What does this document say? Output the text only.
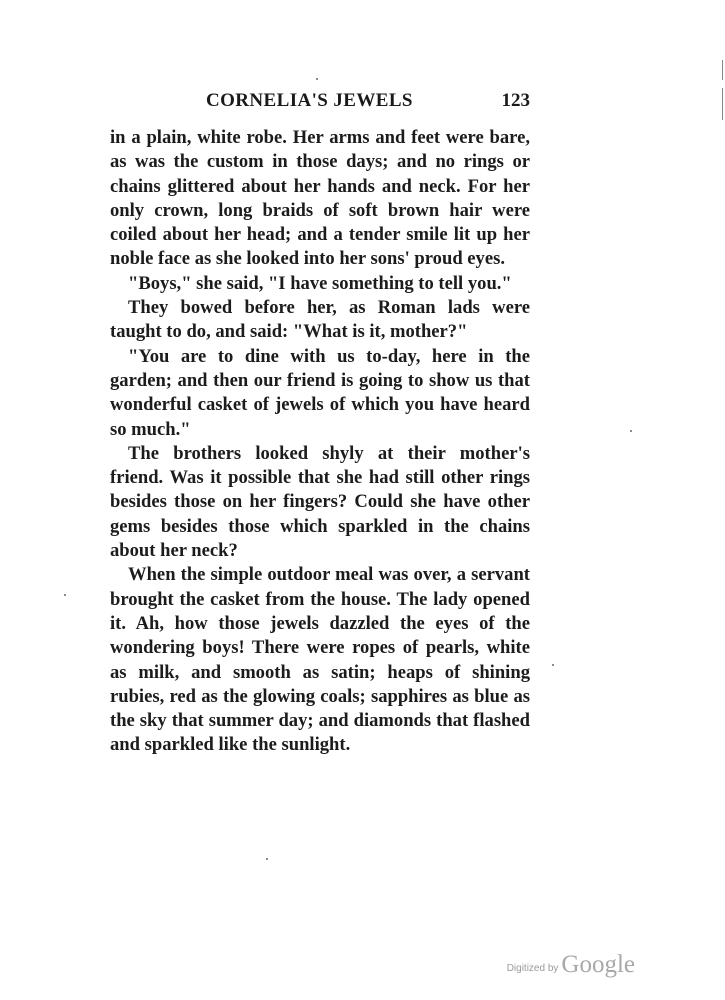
CORNELIA'S JEWELS	123

in a plain, white robe. Her arms and feet were bare, as was the custom in those days; and no rings or chains glittered about her hands and neck. For her only crown, long braids of soft brown hair were coiled about her head; and a tender smile lit up her noble face as she looked into her sons' proud eyes.

"Boys," she said, "I have something to tell you."

They bowed before her, as Roman lads were taught to do, and said: "What is it, mother?"

"You are to dine with us to-day, here in the garden; and then our friend is going to show us that wonderful casket of jewels of which you have heard so much."

The brothers looked shyly at their mother's friend. Was it possible that she had still other rings besides those on her fingers? Could she have other gems besides those which sparkled in the chains about her neck?

When the simple outdoor meal was over, a servant brought the casket from the house. The lady opened it. Ah, how those jewels dazzled the eyes of the wondering boys! There were ropes of pearls, white as milk, and smooth as satin; heaps of shining rubies, red as the glowing coals; sapphires as blue as the sky that summer day; and diamonds that flashed and sparkled like the sunlight.

Digitized by Google
